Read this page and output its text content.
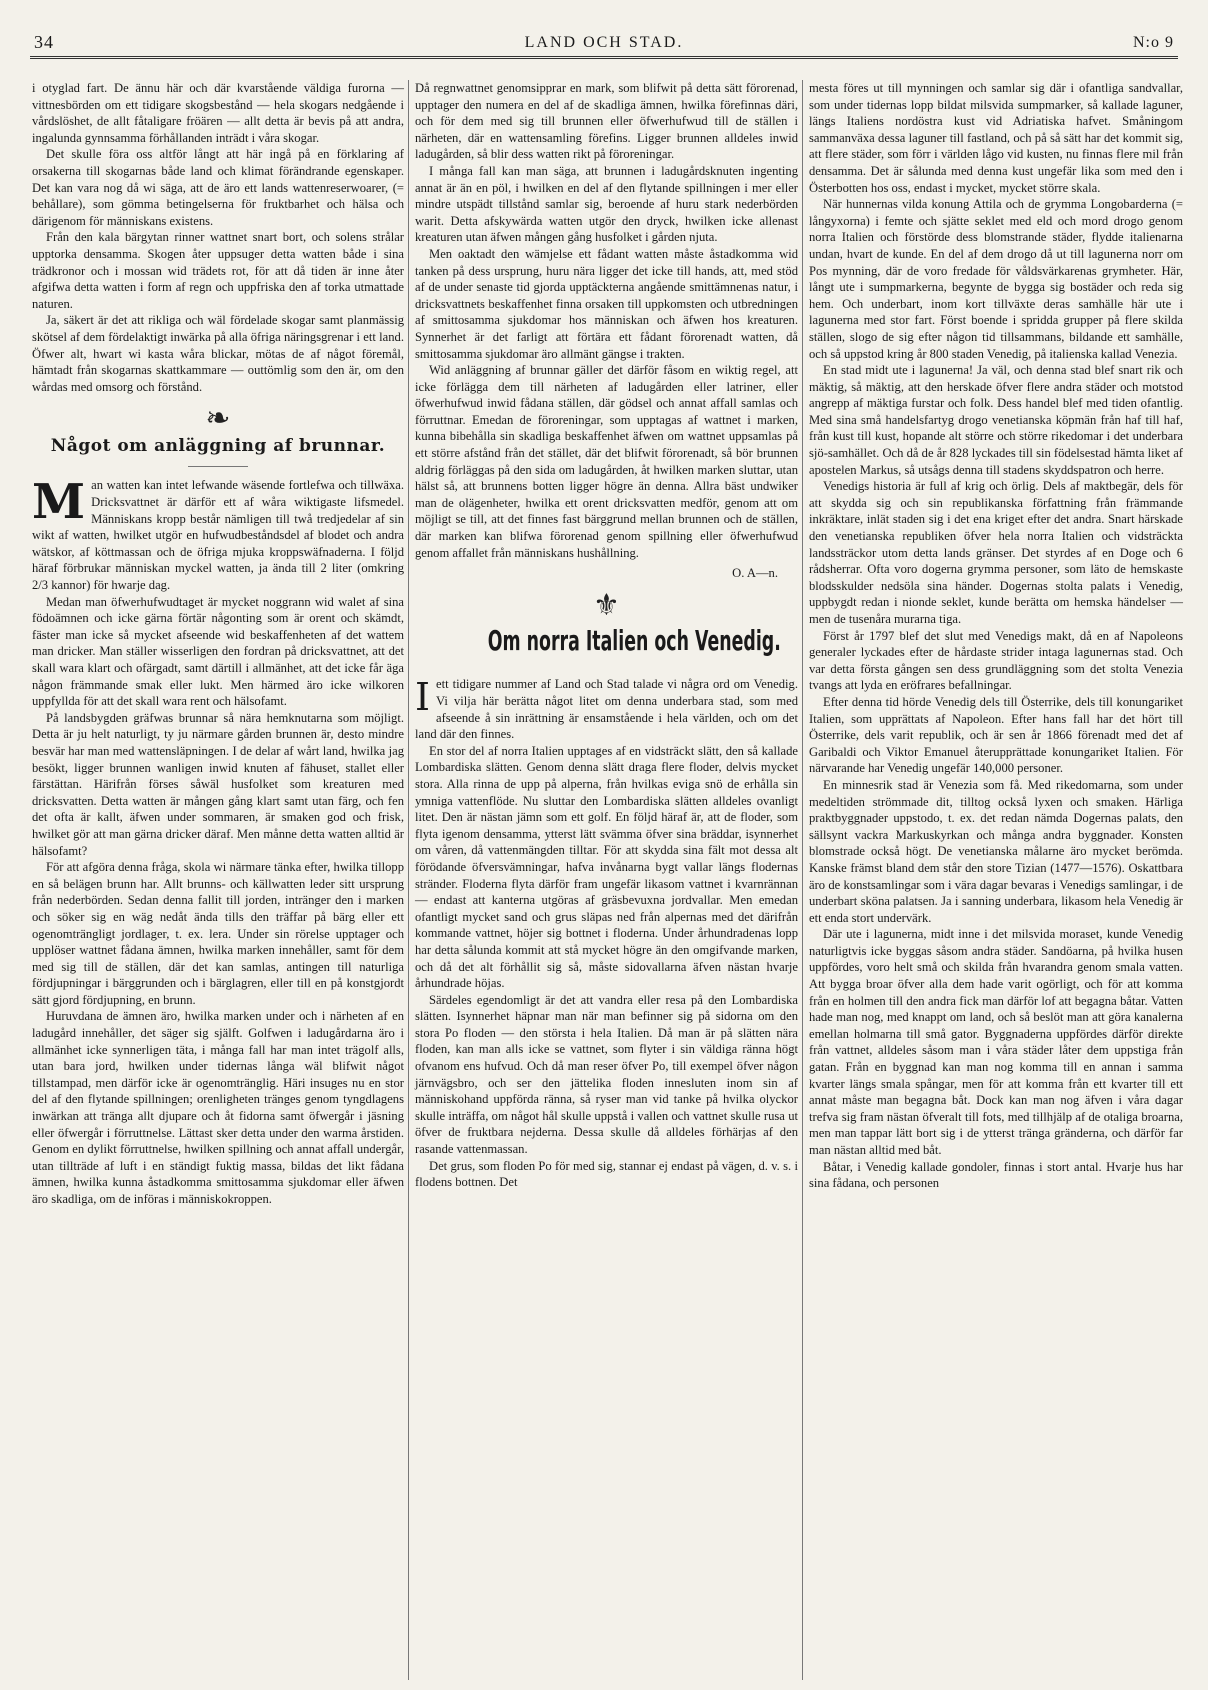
34	LAND OCH STAD.	N:o 9

i otyglad fart. De ännu här och där kvarstående väldiga furorna — vittnesbörden om ett tidigare skogsbestånd — hela skogars nedgående i vårdslöshet, de allt fåtaligare fröären — allt detta är bevis på att andra, ingalunda gynnsamma förhållanden inträdt i våra skogar.

Det skulle föra oss altför långt att här ingå på en förklaring af orsakerna till skogarnas både land och klimat förändrande egenskaper. Det kan vara nog då wi säga, att de äro ett lands wattenreserwoarer, (= behållare), som gömma betingelserna för fruktbarhet och hälsa och därigenom för människans existens.

Från den kala bärgytan rinner wattnet snart bort, och solens strålar upptorka densamma. Skogen åter uppsuger detta watten både i sina trädkronor och i mossan wid trädets rot, för att då tiden är inne åter afgifwa detta watten i form af regn och uppfriska den af torka utmattade naturen.

Ja, säkert är det att rikliga och wäl fördelade skogar samt planmässig skötsel af dem fördelaktigt inwärka på alla öfriga näringsgrenar i ett land. Öfwer alt, hwart wi kasta wåra blickar, mötas de af något föremål, hämtadt från skogarnas skattkammare — outtömlig som den är, om den wårdas med omsorg och förstånd.

❧
Något om anläggning af brunnar.

Man watten kan intet lefwande wäsende fortlefwa och tillwäxa. Dricksvattnet är därför ett af wåra wiktigaste lifsmedel. Människans kropp består nämligen till twå tredjedelar af sin wikt af watten, hwilket utgör en hufwudbeståndsdel af blodet och andra wätskor, af köttmassan och de öfriga mjuka kroppswäfnaderna. I följd häraf förbrukar människan myckel watten, ja ända till 2 liter (omkring 2/3 kannor) för hwarje dag.

Medan man öfwerhufwudtaget är mycket noggrann wid walet af sina födoämnen och icke gärna förtär någonting som är orent och skämdt, fäster man icke så mycket afseende wid beskaffenheten af det wattem man dricker. Man ställer wisserligen den fordran på dricksvattnet, att det skall wara klart och ofärgadt, samt därtill i allmänhet, att det icke får äga någon främmande smak eller lukt. Men härmed äro icke wilkoren uppfyllda för att det skall wara rent och hälsofamt.

På landsbygden gräfwas brunnar så nära hemknutarna som möjligt. Detta är ju helt naturligt, ty ju närmare gården brunnen är, desto mindre besvär har man med wattensläpningen. I de delar af wårt land, hwilka jag besökt, ligger brunnen wanligen inwid knuten af fähuset, stallet eller färstättan. Härifrån förses såwäl husfolket som kreaturen med dricksvatten. Detta watten är mången gång klart samt utan färg, och fen det ofta är kallt, äfwen under sommaren, är smaken god och frisk, hwilket gör att man gärna dricker däraf. Men månne detta watten alltid är hälsofamt?

För att afgöra denna fråga, skola wi närmare tänka efter, hwilka tillopp en så belägen brunn har. Allt brunns- och källwatten leder sitt ursprung från nederbörden. Sedan denna fallit till jorden, intränger den i marken och söker sig en wäg nedåt ända tills den träffar på bärg eller ett ogenomträngligt jordlager, t. ex. lera. Under sin rörelse upptager och upplöser wattnet fådana ämnen, hwilka marken innehåller, samt för dem med sig till de ställen, där det kan samlas, antingen till naturliga fördjupningar i bärggrunden och i bärglagren, eller till en på konstgjordt sätt gjord fördjupning, en brunn.

Huruvdana de ämnen äro, hwilka marken under och i närheten af en ladugård innehåller, det säger sig själft. Golfwen i ladugårdarna äro i allmänhet icke synnerligen täta, i många fall har man intet trägolf alls, utan bara jord, hwilken under tidernas långa wäl blifwit något tillstampad, men därför icke är ogenomtränglig. Häri insuges nu en stor del af den flytande spillningen; orenligheten tränges genom tyngdlagens inwärkan att tränga allt djupare och åt fidorna samt öfwergår i jäsning eller öfwergår i förruttnelse. Lättast sker detta under den warma årstiden. Genom en dylikt förruttnelse, hwilken spillning och annat affall undergår, utan tillträde af luft i en ständigt fuktig massa, bildas det likt fådana ämnen, hwilka kunna åstadkomma smittosamma sjukdomar eller äfwen äro skadliga, om de införas i människokroppen.

Då regnwattnet genomsipprar en mark, som blifwit på detta sätt förorenad, upptager den numera en del af de skadliga ämnen, hwilka förefinnas däri, och för dem med sig till brunnen eller öfwerhufwud till de ställen i närheten, där en wattensamling förefins. Ligger brunnen alldeles inwid ladugården, så blir dess watten rikt på föroreningar.

I många fall kan man säga, att brunnen i ladugårdsknuten ingenting annat är än en pöl, i hwilken en del af den flytande spillningen i mer eller mindre utspädt tillstånd samlar sig, beroende af huru stark nederbörden warit. Detta afskywärda watten utgör den dryck, hwilken icke allenast kreaturen utan äfwen mången gång husfolket i gården njuta.

Men oaktadt den wämjelse ett fådant watten måste åstadkomma wid tanken på dess ursprung, huru nära ligger det icke till hands, att, med stöd af de under senaste tid gjorda upptäckterna angående smittämnenas natur, i dricksvattnets beskaffenhet finna orsaken till uppkomsten och utbredningen af smittosamma sjukdomar hos människan och äfwen hos kreaturen. Synnerhet är det farligt att förtära ett fådant förorenadt watten, då smittosamma sjukdomar äro allmänt gängse i trakten.

Wid anläggning af brunnar gäller det därför fåsom en wiktig regel, att icke förlägga dem till närheten af ladugården eller latriner, eller öfwerhufwud inwid fådana ställen, där gödsel och annat affall samlas och förruttnar. Emedan de föroreningar, som upptagas af wattnet i marken, kunna bibehålla sin skadliga beskaffenhet äfwen om wattnet uppsamlas på ett större afstånd från det stället, där det blifwit förorenadt, så bör brunnen aldrig förläggas på den sida om ladugården, åt hwilken marken sluttar, utan hälst så, att brunnens botten ligger högre än denna. Allra bäst undwiker man de olägenheter, hwilka ett orent dricksvatten medför, genom att om möjligt se till, att det finnes fast bärggrund mellan brunnen och de ställen, där marken kan blifwa förorenad genom spillning eller öfwerhufwud genom affallet från människans hushållning.

O. A—n.
⚜
Om norra Italien och Venedig.

Iett tidigare nummer af Land och Stad talade vi några ord om Venedig. Vi vilja här berätta något litet om denna underbara stad, som med afseende å sin inrättning är ensamstående i hela världen, och om det land där den finnes.

En stor del af norra Italien upptages af en vidsträckt slätt, den så kallade Lombardiska slätten. Genom denna slätt draga flere floder, delvis mycket stora. Alla rinna de upp på alperna, från hvilkas eviga snö de erhålla sin ymniga vattenflöde. Nu sluttar den Lombardiska slätten alldeles ovanligt litet. Den är nästan jämn som ett golf. En följd häraf är, att de floder, som flyta igenom densamma, ytterst lätt svämma öfver sina bräddar, isynnerhet om våren, då vattenmängden tilltar. För att skydda sina fält mot dessa alt förödande öfversvämningar, hafva invånarna bygt vallar längs flodernas stränder. Floderna flyta därför fram ungefär likasom vattnet i kvarnrännan — endast att kanterna utgöras af gräsbevuxna jordvallar. Men emedan ofantligt mycket sand och grus släpas ned från alpernas med det därifrån kommande vattnet, höjer sig bottnet i floderna. Under århundradenas lopp har detta sålunda kommit att stå mycket högre än den omgifvande marken, och då det alt förhållit sig så, måste sidovallarna äfven nästan hvarje århundrade höjas.

Särdeles egendomligt är det att vandra eller resa på den Lombardiska slätten. Isynnerhet häpnar man när man befinner sig på sidorna om den stora Po floden — den största i hela Italien. Då man är på slätten nära floden, kan man alls icke se vattnet, som flyter i sin väldiga ränna högt ofvanom ens hufvud. Och då man reser öfver Po, till exempel öfver någon järnvägsbro, och ser den jättelika floden innesluten inom sin af människohand uppförda ränna, så ryser man vid tanke på hvilka olyckor skulle inträffa, om något hål skulle uppstå i vallen och vattnet skulle rusa ut öfver de fruktbara nejderna. Dessa skulle då alldeles förhärjas af den rasande vattenmassan.

Det grus, som floden Po för med sig, stannar ej endast på vägen, d. v. s. i flodens bottnen. Det

mesta föres ut till mynningen och samlar sig där i ofantliga sandvallar, som under tidernas lopp bildat milsvida sumpmarker, så kallade laguner, längs Italiens nordöstra kust vid Adriatiska hafvet. Småningom sammanväxa dessa laguner till fastland, och på så sätt har det kommit sig, att flere städer, som förr i världen lågo vid kusten, nu finnas flere mil från densamma. Det är sålunda med denna kust ungefär lika som med den i Österbotten hos oss, endast i mycket, mycket större skala.

När hunnernas vilda konung Attila och de grymma Longobarderna (= långyxorna) i femte och sjätte seklet med eld och mord drogo genom norra Italien och förstörde dess blomstrande städer, flydde italienarna undan, hvart de kunde. En del af dem drogo då ut till lagunerna norr om Pos mynning, där de voro fredade för våldsvärkarenas grymheter. Här, långt ute i sumpmarkerna, begynte de bygga sig bostäder och reda sig hem. Och underbart, inom kort tillväxte deras samhälle här ute i lagunerna med stor fart. Först boende i spridda grupper på flere skilda ställen, slogo de sig efter någon tid tillsammans, bildande ett samhälle, och så uppstod kring år 800 staden Venedig, på italienska kallad Venezia.

En stad midt ute i lagunerna! Ja väl, och denna stad blef snart rik och mäktig, så mäktig, att den herskade öfver flere andra städer och motstod angrepp af mäktiga furstar och folk. Dess handel blef med tiden ofantlig. Med sina små handelsfartyg drogo venetianska köpmän från haf till haf, från kust till kust, hopande alt större och större rikedomar i det underbara sjö-samhället. Och då de år 828 lyckades till sin födelsestad hämta liket af apostelen Markus, så utsågs denna till stadens skyddspatron och herre.

Venedigs historia är full af krig och örlig. Dels af maktbegär, dels för att skydda sig och sin republikanska författning från främmande inkräktare, inlät staden sig i det ena kriget efter det andra. Snart härskade den venetianska republiken öfver hela norra Italien och vidsträckta landssträckor utom detta lands gränser. Det styrdes af en Doge och 6 rådsherrar. Ofta voro dogerna grymma personer, som läto de hemskaste blodsskulder nedsöla sina händer. Dogernas stolta palats i Venedig, uppbygdt redan i nionde seklet, kunde berätta om hemska händelser — men de tusenåra murarna tiga.

Först år 1797 blef det slut med Venedigs makt, då en af Napoleons generaler lyckades efter de hårdaste strider intaga lagunernas stad. Och var detta första gången sen dess grundläggning som det stolta Venezia tvangs att lyda en eröfrares befallningar.

Efter denna tid hörde Venedig dels till Österrike, dels till konungariket Italien, som upprättats af Napoleon. Efter hans fall har det hört till Österrike, dels varit republik, och är sen år 1866 förenadt med det af Garibaldi och Viktor Emanuel återupprättade konungariket Italien. För närvarande har Venedig ungefär 140,000 personer.

En minnesrik stad är Venezia som få. Med rikedomarna, som under medeltiden strömmade dit, tilltog också lyxen och smaken. Härliga praktbyggnader uppstodo, t. ex. det redan nämda Dogernas palats, den sällsynt vackra Markuskyrkan och många andra byggnader. Konsten blomstrade också högt. De venetianska målarne äro mycket berömda. Kanske främst bland dem står den store Tizian (1477—1576). Oskattbara äro de konstsamlingar som i vära dagar bevaras i Venedigs samlingar, i de underbart sköna palatsen. Ja i sanning underbara, likasom hela Venedig är ett enda stort undervärk.

Där ute i lagunerna, midt inne i det milsvida moraset, kunde Venedig naturligtvis icke byggas såsom andra städer. Sandöarna, på hvilka husen uppfördes, voro helt små och skilda från hvarandra genom smala vatten. Att bygga broar öfver alla dem hade varit ogörligt, och för att komma från en holmen till den andra fick man därför lof att begagna båtar. Vatten hade man nog, med knappt om land, och så beslöt man att göra kanalerna emellan holmarna till små gator. Byggnaderna uppfördes därför direkte från vattnet, alldeles såsom man i våra städer låter dem uppstiga från gatan. Från en byggnad kan man nog komma till en annan i samma kvarter längs smala spångar, men för att komma från ett kvarter till ett annat måste man begagna båt. Dock kan man nog äfven i våra dagar trefva sig fram nästan öfveralt till fots, med tillhjälp af de otaliga broarna, men man tappar lätt bort sig i de ytterst tränga gränderna, och därför far man nästan alltid med båt.

Båtar, i Venedig kallade gondoler, finnas i stort antal. Hvarje hus har sina fådana, och personen
